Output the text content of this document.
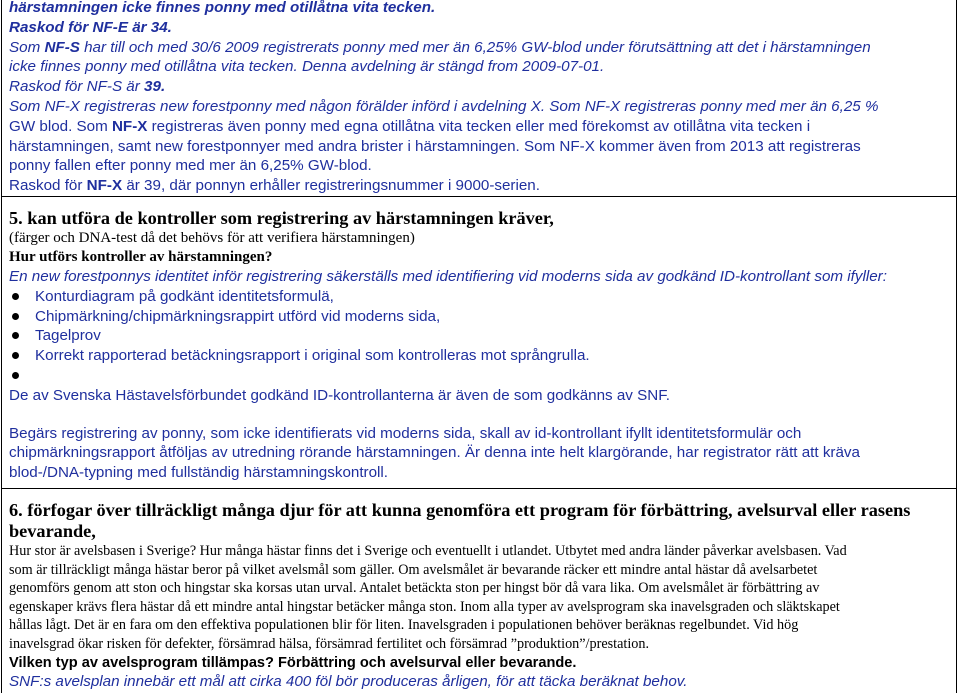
härstamningen icke finnes ponny med otillåtna vita tecken.
Raskod för NF-E är 34.
Som NF-S har till och med 30/6 2009 registrerats ponny med mer än 6,25% GW-blod under förutsättning att det i härstamningen
icke finnes ponny med otillåtna vita tecken. Denna avdelning är stängd from 2009-07-01.
Raskod för NF-S är 39.
Som NF-X registreras new forestponny med någon förälder införd i avdelning X. Som NF-X registreras ponny med mer än 6,25 %
GW blod. Som NF-X registreras även ponny med egna otillåtna vita tecken eller med förekomst av otillåtna vita tecken i
härstamningen, samt new forestponnyer med andra brister i härstamningen. Som NF-X kommer även from 2013 att registreras
ponny fallen efter ponny med mer än 6,25% GW-blod.
Raskod för NF-X är 39, där ponnyn erhåller registreringsnummer i 9000-serien.
5. kan utföra de kontroller som registrering av härstamningen kräver,
(färger och DNA-test då det behövs för att verifiera härstamningen)
Hur utförs kontroller av härstamningen?
En new forestponnys identitet inför registrering säkerställs med identifiering vid moderns sida av godkänd ID-kontrollant som ifyller:
Konturdiagram på godkänt identitetsformulä,
Chipmärkning/chipmärkningsrappirt utförd vid moderns sida,
Tagelprov
Korrekt rapporterad betäckningsrapport i original som kontrolleras mot språngrulla.
De av Svenska Hästavelsförbundet godkänd ID-kontrollanterna är även de som godkänns av SNF.
Begärs registrering av ponny, som icke identifierats vid moderns sida, skall av id-kontrollant ifyllt identitetsformulär och
chipmärkningsrapport åtföljas av utredning rörande härstamningen. Är denna inte helt klargörande, har registrator rätt att kräva
blod-/DNA-typning med fullständig härstamningskontroll.
6. förfogar över tillräckligt många djur för att kunna genomföra ett program för förbättring, avelsurval eller rasens
bevarande,
Hur stor är avelsbasen i Sverige? Hur många hästar finns det i Sverige och eventuellt i utlandet. Utbytet med andra länder påverkar avelsbasen. Vad
som är tillräckligt många hästar beror på vilket avelsmål som gäller. Om avelsmålet är bevarande räcker ett mindre antal hästar då avelsarbetet
genomförs genom att ston och hingstar ska korsas utan urval. Antalet betäckta ston per hingst bör då vara lika. Om avelsmålet är förbättring av
egenskaper krävs flera hästar då ett mindre antal hingstar betäcker många ston. Inom alla typer av avelsprogram ska inavelsgraden och släktskapet
hållas lågt. Det är en fara om den effektiva populationen blir för liten. Inavelsgraden i populationen behöver beräknas regelbundet. Vid hög
inavelsgrad ökar risken för defekter, försämrad hälsa, försämrad fertilitet och försämrad ”produktion”/prestation.
Vilken typ av avelsprogram tillämpas? Förbättring och avelsurval eller bevarande.
SNF:s avelsplan innebär ett mål att cirka 400 föl bör produceras årligen, för att täcka beräknat behov.
